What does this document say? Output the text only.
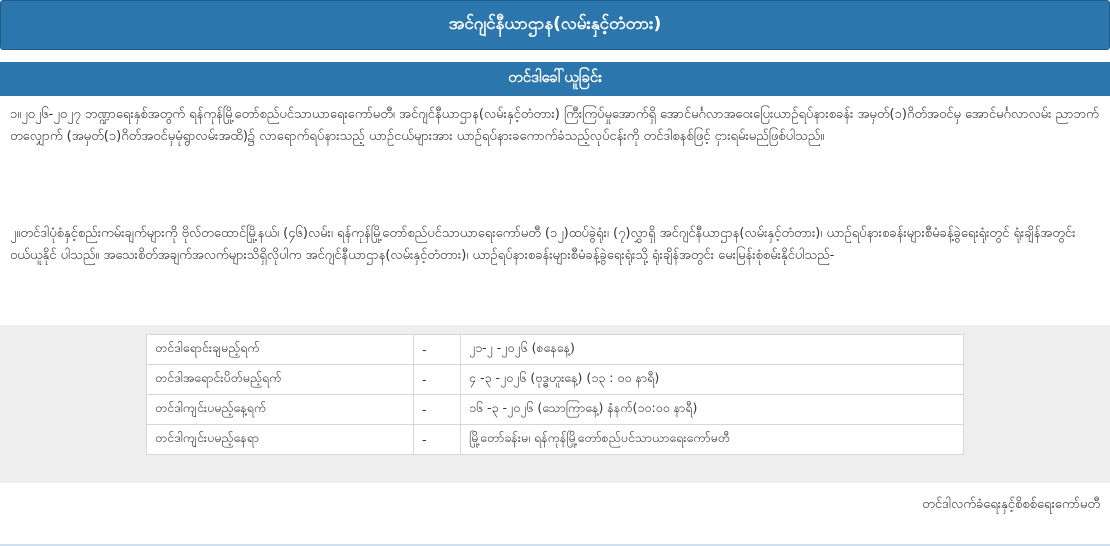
အင်ဂျင်နီယာဌာန(လမ်းနှင့်တံတား)
တင်ဒါခေါ်ယူခြင်း
၁။၂၀၂၆-၂၀၂၇ ဘဏ္ဍာရေးနှစ်အတွက် ရန်ကုန်မြို့တော်စည်ပင်သာယာရေးကော်မတီ၊ အင်ဂျင်နီယာဌာန(လမ်းနှင့်တံတား) ကြီးကြပ်မှုအောက်ရှိ အောင်မင်္ဂလာအဝေးပြေးယာဉ်ရပ်နားစခန်း အမှတ်(၁)ဂိတ်အဝင်မှ အောင်မင်္ဂလာလမ်း ညာဘက်တလျှောက် (အမှတ်(၁)ဂိတ်အဝင်မှမုံရွာလမ်းအထိ)၌ လာရောက်ရပ်နားသည့် ယာဉ်ငယ်များအား ယာဉ်ရပ်နားခကောက်ခံသည့်လုပ်ငန်းကို တင်ဒါစနစ်ဖြင့် ငှားရမ်းမည်ဖြစ်ပါသည်။
၂။တင်ဒါပုံစံနှင့်စည်းကမ်းချက်များကို ဗိုလ်တထောင်မြို့နယ်၊ (၄၆)လမ်း၊ ရန်ကုန်မြို့တော်စည်ပင်သာယာရေးကော်မတီ (၁၂)ထပ်ခွဲရုံး၊ (၇)လွှာရှိ အင်ဂျင်နီယာဌာန(လမ်းနှင့်တံတား)၊ ယာဉ်ရပ်နားစခန်းများစီမံခန့်ခွဲရေးရုံးတွင် ရုံးချိန်အတွင်း ဝယ်ယူနိုင် ပါသည်။ အသေးစိတ်အချက်အလက်များသိရှိလိုပါက အင်ဂျင်နီယာဌာန(လမ်းနှင့်တံတား)၊ ယာဉ်ရပ်နားစခန်းများစီမံခန့်ခွဲရေးရုံးသို့ ရုံးချိန်အတွင်း မေးမြန်းစုံစမ်းနိုင်ပါသည်-
တင်ဒါရောင်းချမည့်ရက်	-	၂၁-၂ -၂၀၂၆ (စနေနေ့)
တင်ဒါအရောင်းပိတ်မည့်ရက်	-	၄ -၃ -၂၀၂၆ (ဗုဒ္ဓဟူးနေ့) (၁၃ : ၀၀ နာရီ)
တင်ဒါကျင်းပမည့်နေ့ရက်	-	၁၆ -၃ -၂၀၂၆ (သောကြာနေ့) နံနက်(၁၀:၀၀ နာရီ)
တင်ဒါကျင်းပမည့်နေရာ	-	မြို့တော်ခန်းမ၊ ရန်ကုန်မြို့တော်စည်ပင်သာယာရေးကော်မတီ
တင်ဒါလက်ခံရေးနှင့်စိစစ်ရေးကော်မတီ
